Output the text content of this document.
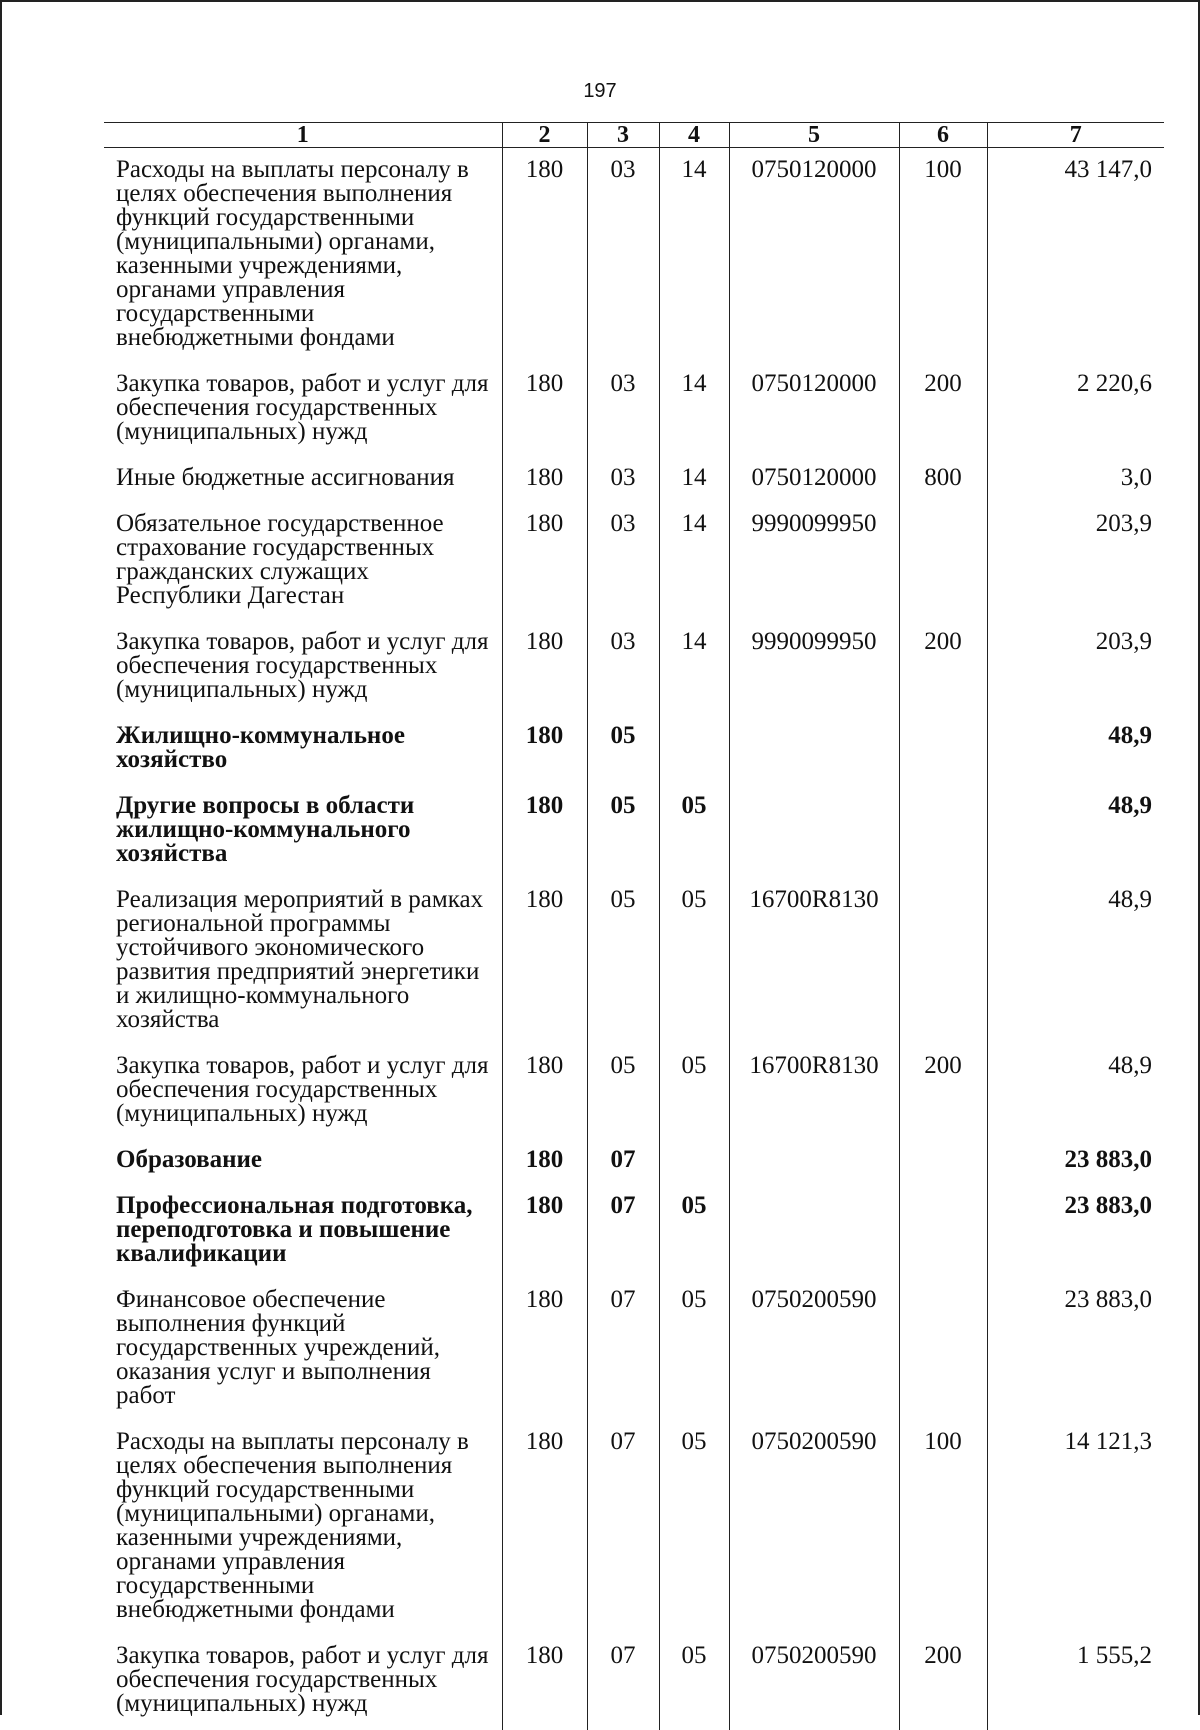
197
1	2	3	4	5	6	7
Расходы на выплаты персоналу в целях обеспечения выполнения функций государственными (муниципальными) органами, казенными учреждениями, органами управления государственными внебюджетными фондами	180	03	14	0750120000	100	43 147,0
Закупка товаров, работ и услуг для обеспечения государственных (муниципальных) нужд	180	03	14	0750120000	200	2 220,6
Иные бюджетные ассигнования	180	03	14	0750120000	800	3,0
Обязательное государственное страхование государственных гражданских служащих Республики Дагестан	180	03	14	9990099950		203,9
Закупка товаров, работ и услуг для обеспечения государственных (муниципальных) нужд	180	03	14	9990099950	200	203,9
Жилищно-коммунальное хозяйство	180	05				48,9
Другие вопросы в области жилищно-коммунального хозяйства	180	05	05			48,9
Реализация мероприятий в рамках региональной программы устойчивого экономического развития предприятий энергетики и жилищно-коммунального хозяйства	180	05	05	16700R8130		48,9
Закупка товаров, работ и услуг для обеспечения государственных (муниципальных) нужд	180	05	05	16700R8130	200	48,9
Образование	180	07				23 883,0
Профессиональная подготовка, переподготовка и повышение квалификации	180	07	05			23 883,0
Финансовое обеспечение выполнения функций государственных учреждений, оказания услуг и выполнения работ	180	07	05	0750200590		23 883,0
Расходы на выплаты персоналу в целях обеспечения выполнения функций государственными (муниципальными) органами, казенными учреждениями, органами управления государственными внебюджетными фондами	180	07	05	0750200590	100	14 121,3
Закупка товаров, работ и услуг для обеспечения государственных (муниципальных) нужд	180	07	05	0750200590	200	1 555,2
